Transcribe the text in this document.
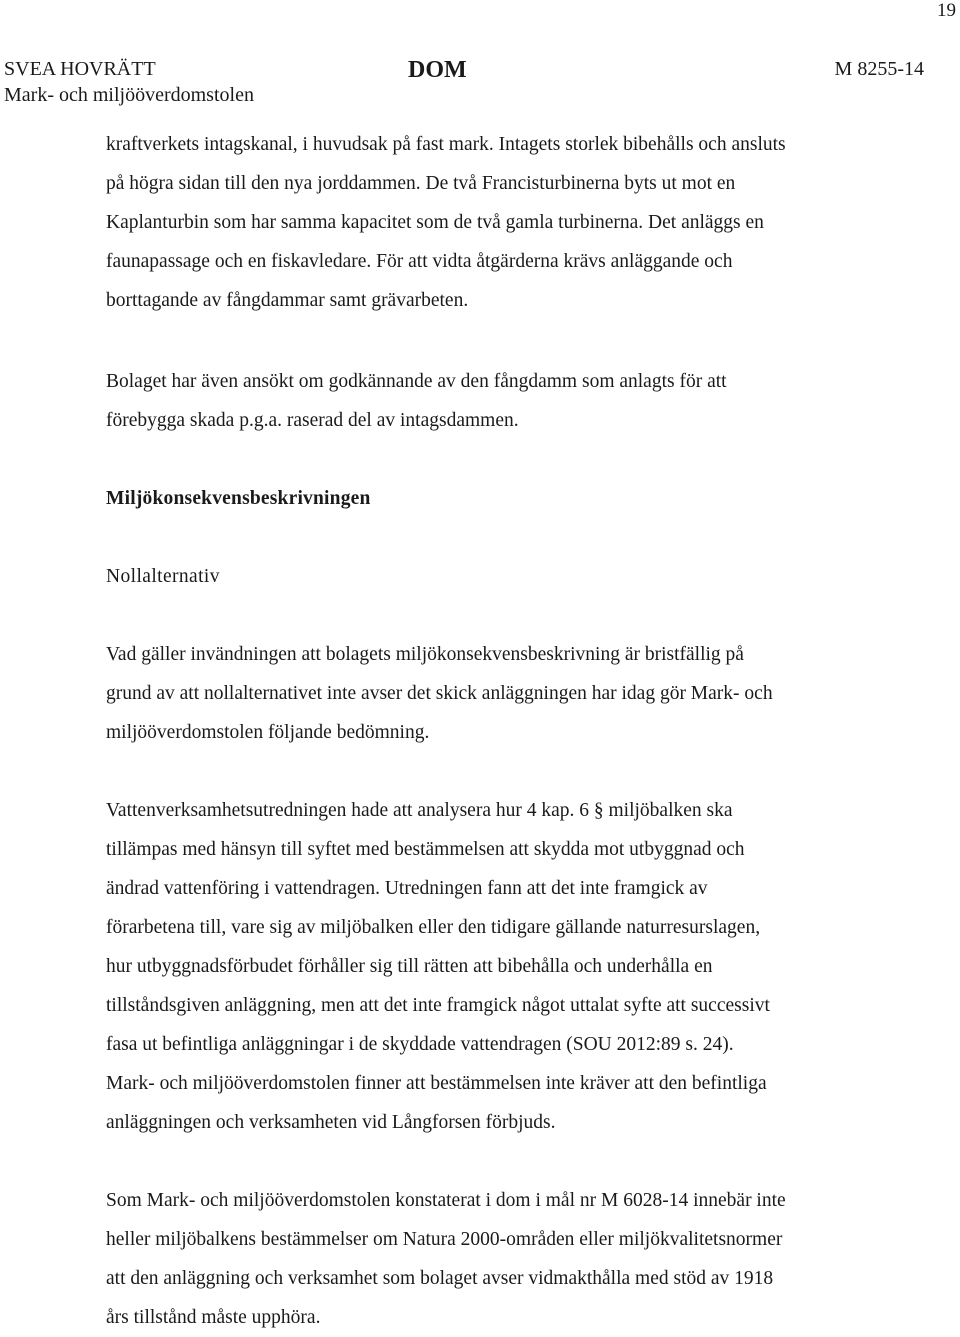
19
SVEA HOVRÄTT
Mark- och miljööverdomstolen
DOM	M 8255-14
kraftverkets intagskanal, i huvudsak på fast mark. Intagets storlek bibehålls och ansluts
på högra sidan till den nya jorddammen. De två Francisturbinerna byts ut mot en
Kaplanturbin som har samma kapacitet som de två gamla turbinerna. Det anläggs en
faunapassage och en fiskavledare. För att vidta åtgärderna krävs anläggande och
borttagande av fångdammar samt grävarbeten.
Bolaget har även ansökt om godkännande av den fångdamm som anlagts för att
förebygga skada p.g.a. raserad del av intagsdammen.
Miljökonsekvensbeskrivningen
Nollalternativ
Vad gäller invändningen att bolagets miljökonsekvensbeskrivning är bristfällig på
grund av att nollalternativet inte avser det skick anläggningen har idag gör Mark- och
miljööverdomstolen följande bedömning.
Vattenverksamhetsutredningen hade att analysera hur 4 kap. 6 § miljöbalken ska
tillämpas med hänsyn till syftet med bestämmelsen att skydda mot utbyggnad och
ändrad vattenföring i vattendragen. Utredningen fann att det inte framgick av
förarbetena till, vare sig av miljöbalken eller den tidigare gällande naturresurslagen,
hur utbyggnadsförbudet förhåller sig till rätten att bibehålla och underhålla en
tillståndsgiven anläggning, men att det inte framgick något uttalat syfte att successivt
fasa ut befintliga anläggningar i de skyddade vattendragen (SOU 2012:89 s. 24).
Mark- och miljööverdomstolen finner att bestämmelsen inte kräver att den befintliga
anläggningen och verksamheten vid Långforsen förbjuds.
Som Mark- och miljööverdomstolen konstaterat i dom i mål nr M 6028-14 innebär inte
heller miljöbalkens bestämmelser om Natura 2000-områden eller miljökvalitetsnormer
att den anläggning och verksamhet som bolaget avser vidmakthålla med stöd av 1918
års tillstånd måste upphöra.
